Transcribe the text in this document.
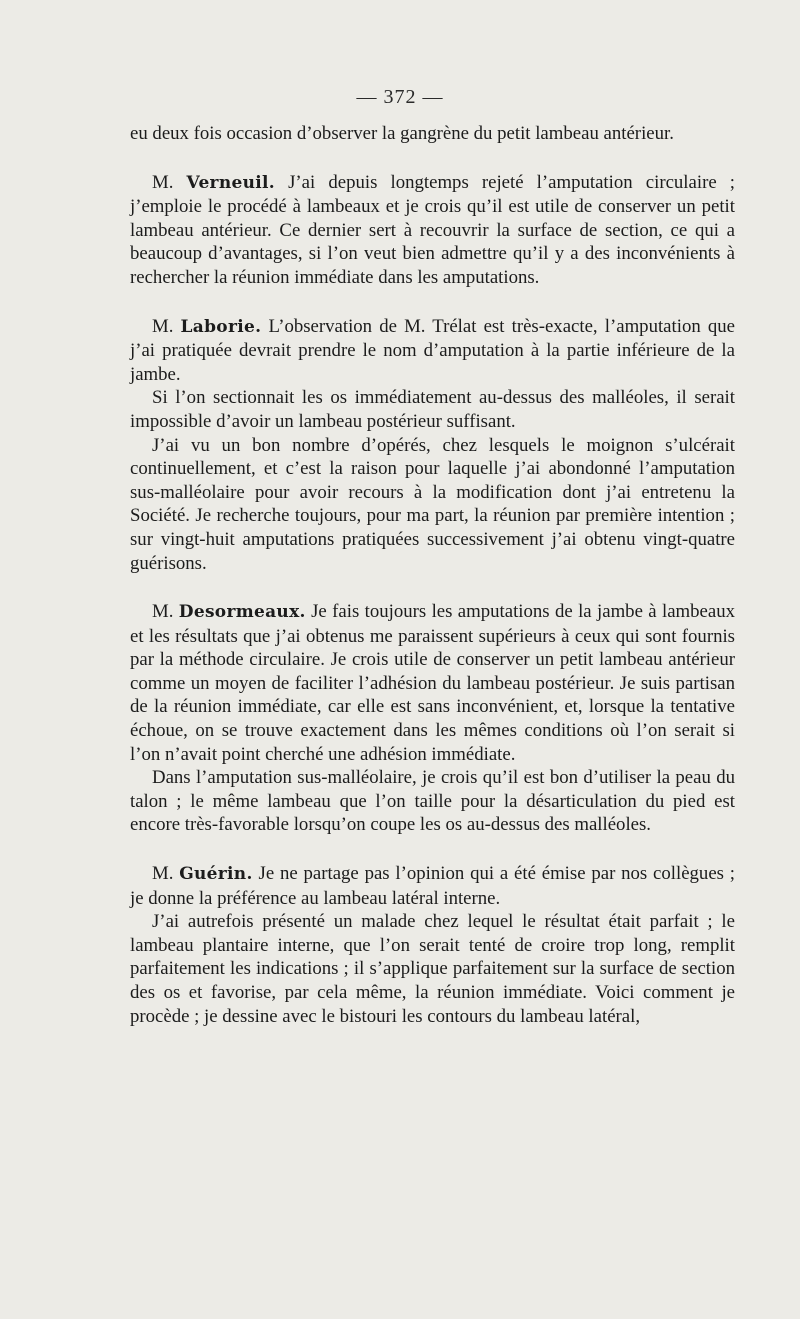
— 372 —

eu deux fois occasion d’observer la gangrène du petit lambeau antérieur.

M. Verneuil. J’ai depuis longtemps rejeté l’amputation circulaire ; j’emploie le procédé à lambeaux et je crois qu’il est utile de conserver un petit lambeau antérieur. Ce dernier sert à recouvrir la surface de section, ce qui a beaucoup d’avantages, si l’on veut bien admettre qu’il y a des inconvénients à rechercher la réunion immédiate dans les amputations.

M. Laborie. L’observation de M. Trélat est très-exacte, l’amputation que j’ai pratiquée devrait prendre le nom d’amputation à la partie inférieure de la jambe.

Si l’on sectionnait les os immédiatement au-dessus des malléoles, il serait impossible d’avoir un lambeau postérieur suffisant.

J’ai vu un bon nombre d’opérés, chez lesquels le moignon s’ulcérait continuellement, et c’est la raison pour laquelle j’ai abondonné l’amputation sus-malléolaire pour avoir recours à la modification dont j’ai entretenu la Société. Je recherche toujours, pour ma part, la réunion par première intention ; sur vingt-huit amputations pratiquées successivement j’ai obtenu vingt-quatre guérisons.

M. Desormeaux. Je fais toujours les amputations de la jambe à lambeaux et les résultats que j’ai obtenus me paraissent supérieurs à ceux qui sont fournis par la méthode circulaire. Je crois utile de conserver un petit lambeau antérieur comme un moyen de faciliter l’adhésion du lambeau postérieur. Je suis partisan de la réunion immédiate, car elle est sans inconvénient, et, lorsque la tentative échoue, on se trouve exactement dans les mêmes conditions où l’on serait si l’on n’avait point cherché une adhésion immédiate.

Dans l’amputation sus-malléolaire, je crois qu’il est bon d’utiliser la peau du talon ; le même lambeau que l’on taille pour la désarticulation du pied est encore très-favorable lorsqu’on coupe les os au-dessus des malléoles.

M. Guérin. Je ne partage pas l’opinion qui a été émise par nos collègues ; je donne la préférence au lambeau latéral interne.

J’ai autrefois présenté un malade chez lequel le résultat était parfait ; le lambeau plantaire interne, que l’on serait tenté de croire trop long, remplit parfaitement les indications ; il s’applique parfaitement sur la surface de section des os et favorise, par cela même, la réunion immédiate. Voici comment je procède ; je dessine avec le bistouri les contours du lambeau latéral,
